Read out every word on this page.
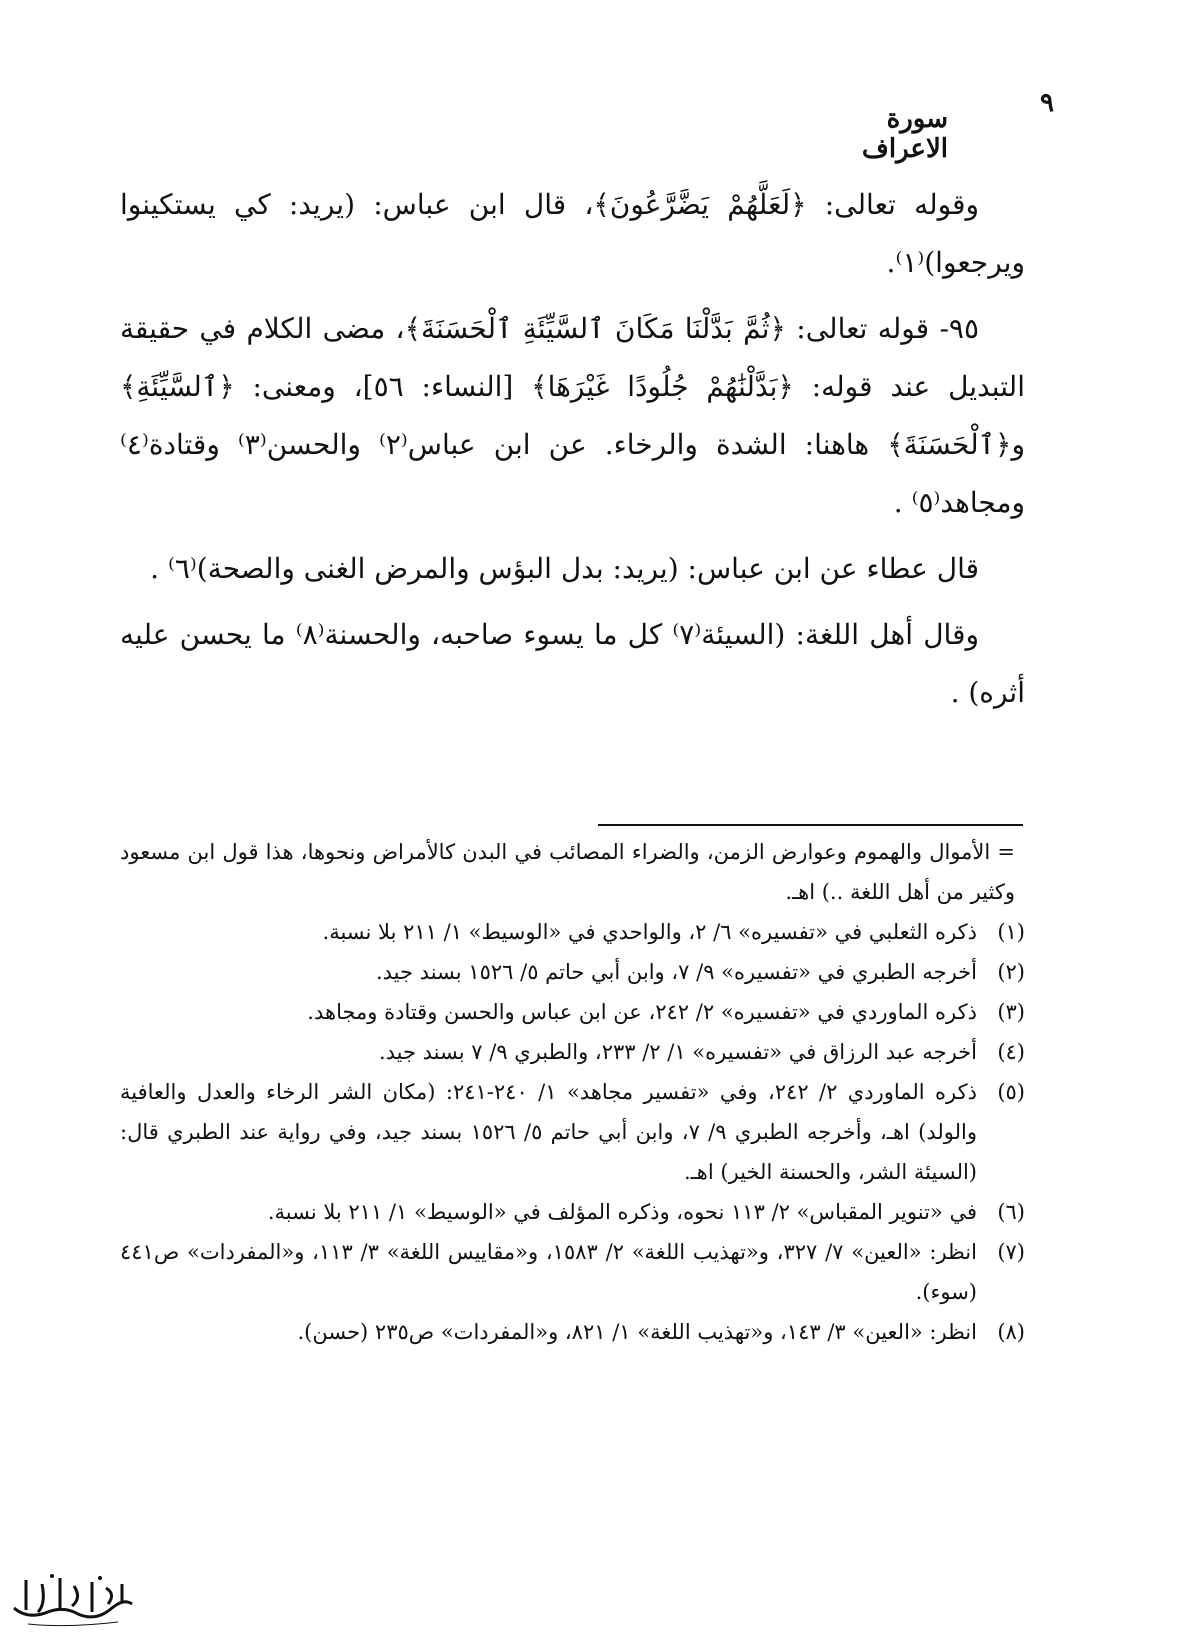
٩
سورة الاعراف

وقوله تعالى: ﴿لَعَلَّهُمْ يَضَّرَّعُونَ﴾، قال ابن عباس: (يريد: كي يستكينوا ويرجعوا)⁽١⁾.

٩٥- قوله تعالى: ﴿ثُمَّ بَدَّلْنَا مَكَانَ ٱلسَّيِّئَةِ ٱلْحَسَنَةَ﴾، مضى الكلام في حقيقة التبديل عند قوله: ﴿بَدَّلْنَٰهُمْ جُلُودًا غَيْرَهَا﴾ [النساء: ٥٦]، ومعنى: ﴿ٱلسَّيِّئَةِ﴾ و﴿ٱلْحَسَنَةَ﴾ هاهنا: الشدة والرخاء. عن ابن عباس⁽٢⁾ والحسن⁽٣⁾ وقتادة⁽٤⁾ ومجاهد⁽٥⁾ .

قال عطاء عن ابن عباس: (يريد: بدل البؤس والمرض الغنى والصحة)⁽٦⁾ .

وقال أهل اللغة: (السيئة⁽٧⁾ كل ما يسوء صاحبه، والحسنة⁽٨⁾ ما يحسن عليه أثره) .

= الأموال والهموم وعوارض الزمن، والضراء المصائب في البدن كالأمراض ونحوها، هذا قول ابن مسعود وكثير من أهل اللغة ..) اهـ.
(١)
ذكره الثعلبي في «تفسيره» ٦/ ٢، والواحدي في «الوسيط» ١/ ٢١١ بلا نسبة.
(٢)
أخرجه الطبري في «تفسيره» ٩/ ٧، وابن أبي حاتم ٥/ ١٥٢٦ بسند جيد.
(٣)
ذكره الماوردي في «تفسيره» ٢/ ٢٤٢، عن ابن عباس والحسن وقتادة ومجاهد.
(٤)
أخرجه عبد الرزاق في «تفسيره» ١/ ٢/ ٢٣٣، والطبري ٩/ ٧ بسند جيد.
(٥)
ذكره الماوردي ٢/ ٢٤٢، وفي «تفسير مجاهد» ١/ ٢٤٠-٢٤١: (مكان الشر الرخاء والعدل والعافية والولد) اهـ، وأخرجه الطبري ٩/ ٧، وابن أبي حاتم ٥/ ١٥٢٦ بسند جيد، وفي رواية عند الطبري قال: (السيئة الشر، والحسنة الخير) اهـ.
(٦)
في «تنوير المقباس» ٢/ ١١٣ نحوه، وذكره المؤلف في «الوسيط» ١/ ٢١١ بلا نسبة.
(٧)
انظر: «العين» ٧/ ٣٢٧، و«تهذيب اللغة» ٢/ ١٥٨٣، و«مقاييس اللغة» ٣/ ١١٣، و«المفردات» ص٤٤١ (سوء).
(٨)
انظر: «العين» ٣/ ١٤٣، و«تهذيب اللغة» ١/ ٨٢١، و«المفردات» ص٢٣٥ (حسن).
